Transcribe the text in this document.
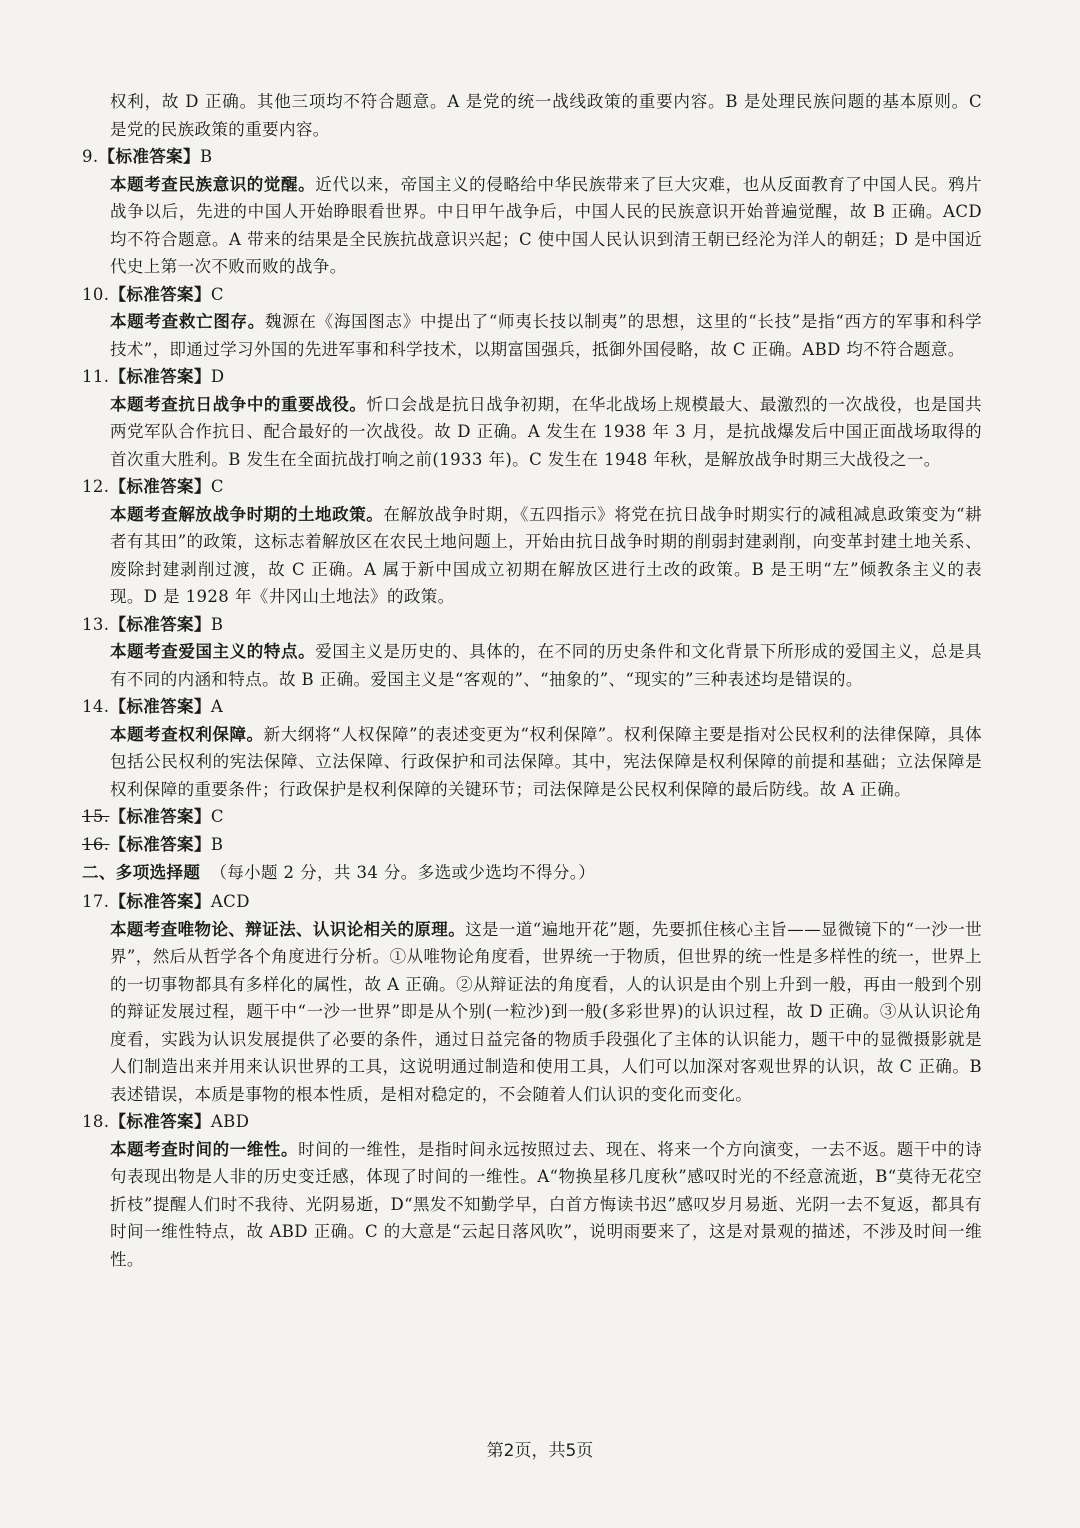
权利，故 D 正确。其他三项均不符合题意。A 是党的统一战线政策的重要内容。B 是处理民族问题的基本原则。C 是党的民族政策的重要内容。

9.【标准答案】B

本题考查民族意识的觉醒。近代以来，帝国主义的侵略给中华民族带来了巨大灾难，也从反面教育了中国人民。鸦片战争以后，先进的中国人开始睁眼看世界。中日甲午战争后，中国人民的民族意识开始普遍觉醒，故 B 正确。ACD 均不符合题意。A 带来的结果是全民族抗战意识兴起；C 使中国人民认识到清王朝已经沦为洋人的朝廷；D 是中国近代史上第一次不败而败的战争。

10.【标准答案】C

本题考查救亡图存。魏源在《海国图志》中提出了“师夷长技以制夷”的思想，这里的“长技”是指“西方的军事和科学技术”，即通过学习外国的先进军事和科学技术，以期富国强兵，抵御外国侵略，故 C 正确。ABD 均不符合题意。

11.【标准答案】D

本题考查抗日战争中的重要战役。忻口会战是抗日战争初期，在华北战场上规模最大、最激烈的一次战役，也是国共两党军队合作抗日、配合最好的一次战役。故 D 正确。A 发生在 1938 年 3 月，是抗战爆发后中国正面战场取得的首次重大胜利。B 发生在全面抗战打响之前(1933 年)。C 发生在 1948 年秋，是解放战争时期三大战役之一。

12.【标准答案】C

本题考查解放战争时期的土地政策。在解放战争时期，《五四指示》将党在抗日战争时期实行的减租减息政策变为“耕者有其田”的政策，这标志着解放区在农民土地问题上，开始由抗日战争时期的削弱封建剥削，向变革封建土地关系、废除封建剥削过渡，故 C 正确。A 属于新中国成立初期在解放区进行土改的政策。B 是王明“左”倾教条主义的表现。D 是 1928 年《井冈山土地法》的政策。

13.【标准答案】B

本题考查爱国主义的特点。爱国主义是历史的、具体的，在不同的历史条件和文化背景下所形成的爱国主义，总是具有不同的内涵和特点。故 B 正确。爱国主义是“客观的”、“抽象的”、“现实的”三种表述均是错误的。

14.【标准答案】A

本题考查权利保障。新大纲将“人权保障”的表述变更为“权利保障”。权利保障主要是指对公民权利的法律保障，具体包括公民权利的宪法保障、立法保障、行政保护和司法保障。其中，宪法保障是权利保障的前提和基础；立法保障是权利保障的重要条件；行政保护是权利保障的关键环节；司法保障是公民权利保障的最后防线。故 A 正确。

15.【标准答案】C

16.【标准答案】B

二、多项选择题 （每小题 2 分，共 34 分。多选或少选均不得分。）

17.【标准答案】ACD

本题考查唯物论、辩证法、认识论相关的原理。这是一道“遍地开花”题，先要抓住核心主旨——显微镜下的“一沙一世界”，然后从哲学各个角度进行分析。①从唯物论角度看，世界统一于物质，但世界的统一性是多样性的统一，世界上的一切事物都具有多样化的属性，故 A 正确。②从辩证法的角度看，人的认识是由个别上升到一般，再由一般到个别的辩证发展过程，题干中“一沙一世界”即是从个别(一粒沙)到一般(多彩世界)的认识过程，故 D 正确。③从认识论角度看，实践为认识发展提供了必要的条件，通过日益完备的物质手段强化了主体的认识能力，题干中的显微摄影就是人们制造出来并用来认识世界的工具，这说明通过制造和使用工具，人们可以加深对客观世界的认识，故 C 正确。B 表述错误，本质是事物的根本性质，是相对稳定的，不会随着人们认识的变化而变化。

18.【标准答案】ABD

本题考查时间的一维性。时间的一维性，是指时间永远按照过去、现在、将来一个方向演变，一去不返。题干中的诗句表现出物是人非的历史变迁感，体现了时间的一维性。A“物换星移几度秋”感叹时光的不经意流逝，B“莫待无花空折枝”提醒人们时不我待、光阴易逝，D“黑发不知勤学早，白首方悔读书迟”感叹岁月易逝、光阴一去不复返，都具有时间一维性特点，故 ABD 正确。C 的大意是“云起日落风吹”，说明雨要来了，这是对景观的描述，不涉及时间一维性。

第2页，共5页
